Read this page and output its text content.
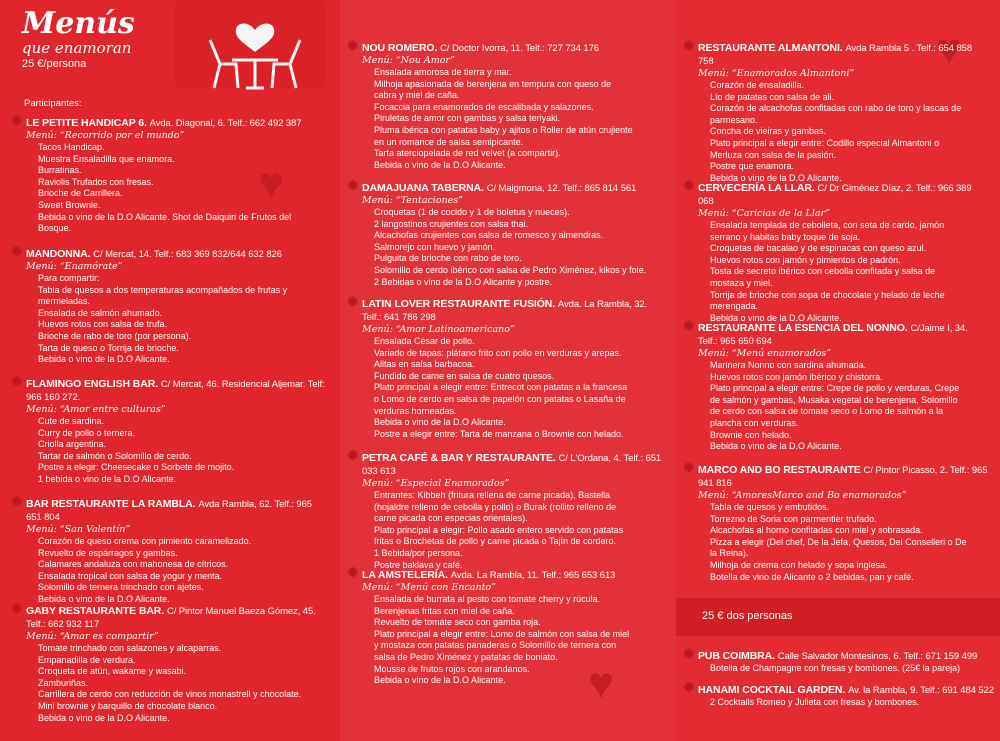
Menús
que enamoran
25 €/persona
Participantes:
♥
♥
♥
25 € dos personas
✹ LE PETITE HANDICAP 6. Avda. Diagonal, 6. Telf.: 662 492 387
Menú: “Recorrido por el mundo”
Tacos Handicap.
Muestra Ensaladilla que enamora.
Burratinas.
Raviolis Trufados con fresas.
Brioche de Carrillera.
Sweet Brownie.
Bebida o vino de la D.O Alicante. Shot de Daiquiri de Frutos del
Bosque.
✹ MANDONNA. C/ Mercat, 14. Telf.: 683 369 832/644 632 826
Menú: “Enamórate”
Para compartir:
Tabla de quesos a dos temperaturas acompañados de frutas y
mermeladas.
Ensalada de salmón ahumado.
Huevos rotos con salsa de trufa.
Brioche de rabo de toro (por persona).
Tarta de queso o Torrija de brioche.
Bebida o vino de la D.O Alicante.
✹ FLAMINGO ENGLISH BAR. C/ Mercat, 46. Residencial Aljemar. Telf: 966 160 272.
Menú: “Amor entre culturas”
Cute de sardina.
Curry de pollo o ternera.
Criolla argentina.
Tartar de salmón o Solomillo de cerdo.
Postre a elegir: Cheesecake o Sorbete de mojito.
1 bebida o vino de la D.O Alicante.
✹ BAR RESTAURANTE LA RAMBLA. Avda Rambla, 62. Telf.: 965 651 804
Menú: “San Valentín”
Corazón de queso crema con pimiento caramelizado.
Revuelto de espárragos y gambas.
Calamares andaluza con mahonesa de cítricos.
Ensalada tropical con salsa de yogur y menta.
Solomillo de ternera trinchado con ajetes.
Bebida o vino de la D.O Alicante.
✹ GABY RESTAURANTE BAR. C/ Pintor Manuel Baeza Gómez, 45. Telf.: 662 932 117
Menú: “Amar es compartir”
Tomate trinchado con salazones y alcaparras.
Empanadilla de verdura.
Croqueta de atún, wakame y wasabi.
Zamburiñas.
Carrillera de cerdo con reducción de vinos monastrell y chocolate.
Mini brownie y barquillo de chocolate blanco.
Bebida o vino de la D.O Alicante.
✹ NOU ROMERO. C/ Doctor Ivorra, 11. Telf.: 727 734 176
Menú: “Nou Amor”
Ensalada amorosa de tierra y mar.
Milhoja apasionada de berenjena en tempura con queso de
cabra y miel de caña.
Focaccia para enamorados de escalibada y salazones.
Piruletas de amor con gambas y salsa teriyaki.
Pluma ibérica con patatas baby y ajitos o Roller de atún crujiente
en un romance de salsa semipicante.
Tarta aterciopelada de red velvet (a compartir).
Bebida o vino de la D.O Alicante.
✹ DAMAJUANA TABERNA. C/ Maigmona, 12. Telf.: 865 814 561
Menú: “Tentaciones”
Croquetas (1 de cocido y 1 de boletus y nueces).
2 langostinos crujientes con salsa thai.
Alcachofas crujientes con salsa de romesco y almendras.
Salmorejo con huevo y jamón.
Pulguita de brioche con rabo de toro.
Solomillo de cerdo ibérico con salsa de Pedro Ximénez, kikos y foie.
2 Bebidas o vino de la D.O Alicante y postre.
✹ LATIN LOVER RESTAURANTE FUSIÓN. Avda. La Rambla, 32. Telf.: 641 786 298
Menú: “Amor Latinoamericano”
Ensalada César de pollo.
Variado de tapas: plátano frito con pollo en verduras y arepas.
Alitas en salsa barbacoa.
Fundido de carne en salsa de cuatro quesos.
Plato principal a elegir entre: Entrecot con patatas a la francesa
o Lomo de cerdo en salsa de papelón con patatas o Lasaña de
verduras horneadas.
Bebida o vino de la D.O Alicante.
Postre a elegir entre: Tarta de manzana o Brownie con helado.
✹ PETRA CAFÉ & BAR Y RESTAURANTE. C/ L'Ordana, 4. Telf.: 651 033 613
Menú: “Especial Enamorados”
Entrantes: Kibbeh (fritura rellena de carne picada), Bastella
(hojaldre relleno de cebolla y pollo) o Burak (rollito relleno de
carne picada con especias orientales).
Plato principal a elegir: Pollo asado entero servido con patatas
fritas o Brochetas de pollo y carne picada o Tajín de cordero.
1 Bebida/por persona.
Postre baklava y café.
✹ LA AMSTELERÍA. Avda. La Rambla, 11. Telf.: 965 653 613
Menú: “Menú con Encanto”
Ensalada de burrata al pesto con tomate cherry y rúcula.
Berenjenas fritas con miel de caña.
Revuelto de tomate seco con gamba roja.
Plato principal a elegir entre: Lomo de salmón con salsa de miel
y mostaza con patatas panaderas o Solomillo de ternera con
salsa de Pedro Ximénez y patatas de boniato.
Mousse de frutos rojos con arandanos.
Bebida o vino de la D.O Alicante.
✹ RESTAURANTE ALMANTONI. Avda Rambla 5 . Telf.: 654 858 758
Menú: “Enamorados Almantoni”
Corazón de ensaladilla.
Lío de patatas con salsa de ali.
Corazón de alcachofas confitadas con rabo de toro y lascas de
parmesano.
Concha de vieiras y gambas.
Plato principal a elegir entre: Codillo especial Almantoni o
Merluza con salsa de la pasión.
Postre que enamora.
Bebida o vino de la D.O Alicante.
✹ CERVECERÍA LA LLAR. C/ Dr Giménez Díaz, 2. Telf.: 966 389 068
Menú: “Caricias de la Llar”
Ensalada templada de cebolleta, con seta de cardo, jamón
serrano y habitas baby toque de soja.
Croquetas de bacalao y de espinacas con queso azul.
Huevos rotos con jamón y pimientos de padrón.
Tosta de secreto ibérico con cebolla confitada y salsa de
mostaza y miel.
Torrija de brioche con sopa de chocolate y helado de leche
merengada.
Bebida o vino de la D.O Alicante.
✹ RESTAURANTE LA ESENCIA DEL NONNO. C/Jaime I, 34. Telf.: 965 650 694
Menú: “Menú enamorados”
Marinera Nonno con sardina ahumada.
Huevos rotos con jamón ibérico y chistorra.
Plato principal a elegir entre: Crepe de pollo y verduras, Crepe
de salmón y gambas, Musaka vegetal de berenjena, Solomillo
de cerdo con salsa de tomate seco o Lomo de salmón a la
plancha con verduras.
Brownie con helado.
Bebida o vino de la D.O Alicante.
✹ MARCO AND BO RESTAURANTE C/ Pintor Picasso, 2. Telf.: 965 941 816
Menú: “AmoresMarco and Bo enamorados”
Tabla de quesos y embutidos.
Torrezno de Soria con parmentier trufado.
Alcachofas al horno confitadas con miel y sobrasada.
Pizza a elegir (Del chef, De la Jefa, Quesos, Del Conselleri o De
la Reina).
Milhoja de crema con helado y sopa inglesa.
Botella de vino de Alicante o 2 bebidas, pan y café.
✹ PUB COIMBRA. Calle Salvador Montesinos, 6. Telf.: 671 159 499
Botella de Champagne con fresas y bombones. (25€ la pareja)
✹ HANAMI COCKTAIL GARDEN. Av. la Rambla, 9. Telf.: 691 484 522
2 Cocktails Romeo y Julieta con fresas y bombones.
